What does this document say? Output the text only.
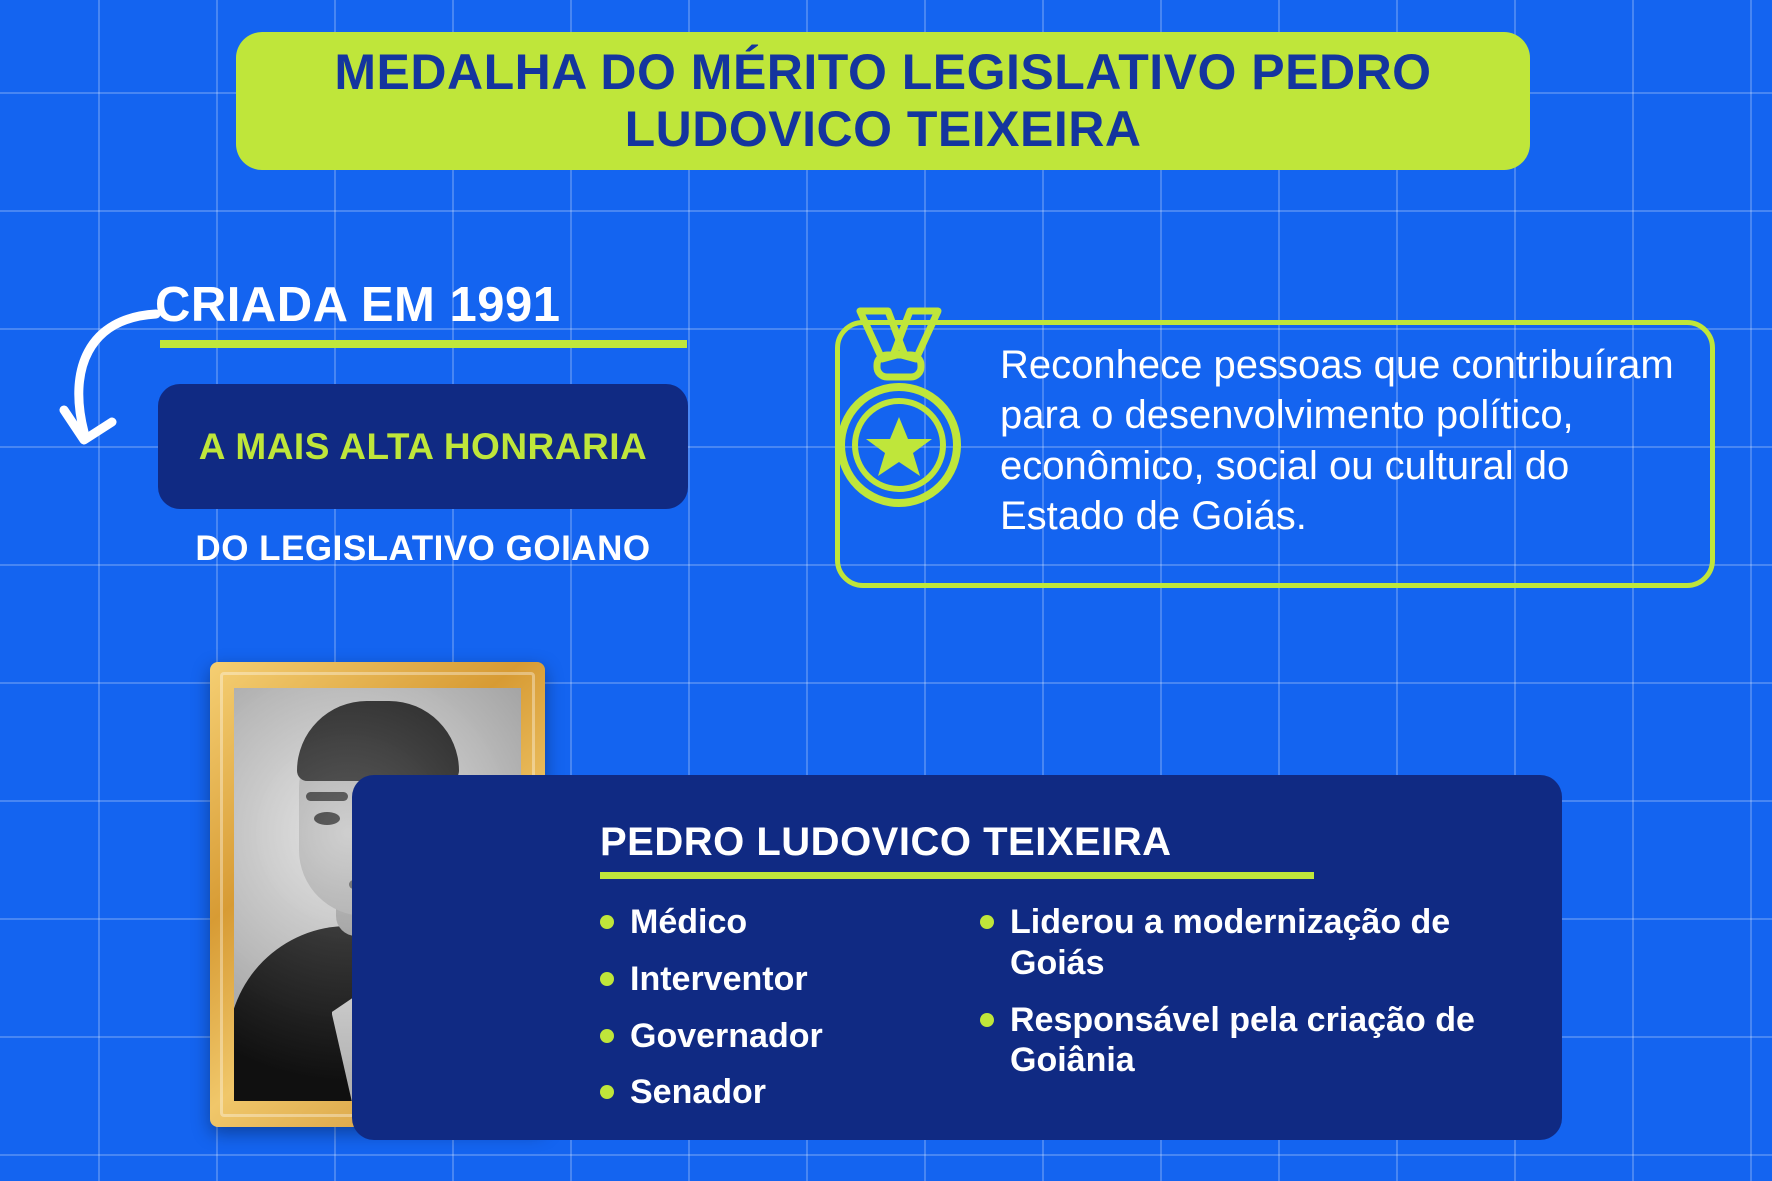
MEDALHA DO MÉRITO LEGISLATIVO PEDRO LUDOVICO TEIXEIRA
CRIADA EM 1991
A MAIS ALTA HONRARIA
DO LEGISLATIVO GOIANO
Reconhece pessoas que contribuíram para o desenvolvimento político, econômico, social ou cultural do Estado de Goiás.
PEDRO LUDOVICO TEIXEIRA
Médico
Interventor
Governador
Senador
Liderou a modernização de Goiás
Responsável pela criação de Goiânia
